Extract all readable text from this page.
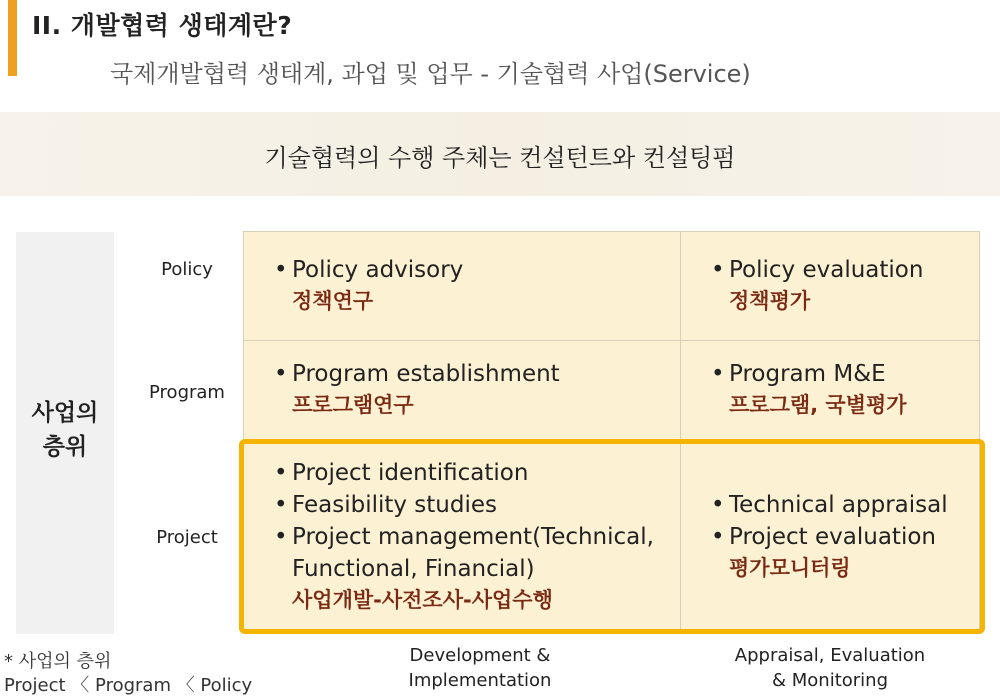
II. 개발협력 생태계란?
국제개발협력 생태계, 과업 및 업무 - 기술협력 사업(Service)
기술협력의 수행 주체는 컨설턴트와 컨설팅펌
사업의
층위
Policy
Program
Project
• Policy advisory
정책연구
• Policy evaluation
정책평가
• Program establishment
프로그램연구
• Program M&E
프로그램, 국별평가
• Project identification
• Feasibility studies
• Project management(Technical,
Functional, Financial)
사업개발-사전조사-사업수행
• Technical appraisal
• Project evaluation
평가모니터링
Development &
Implementation
Appraisal, Evaluation
& Monitoring
* 사업의 층위
Project 〈 Program 〈 Policy
